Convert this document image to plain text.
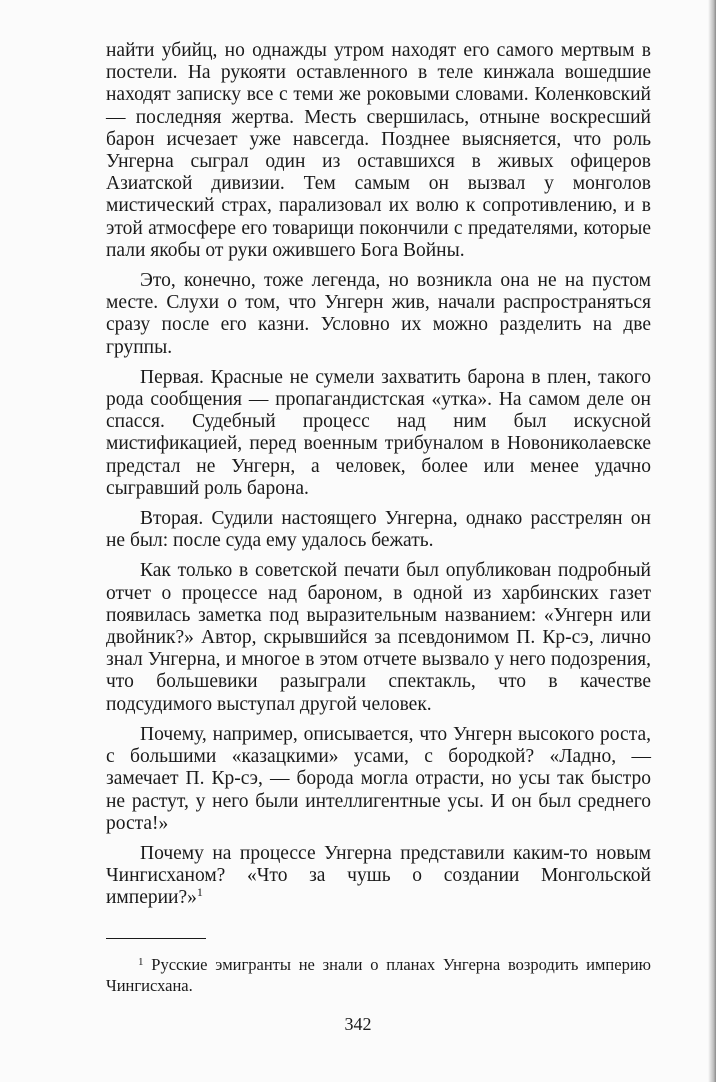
найти убийц, но однажды утром находят его самого мертвым в постели. На рукояти оставленного в теле кинжала вошедшие находят записку все с теми же роковыми словами. Коленковский — последняя жертва. Месть свершилась, отныне воскресший барон исчезает уже навсегда. Позднее выясняется, что роль Унгерна сыграл один из оставшихся в живых офицеров Азиатской дивизии. Тем самым он вызвал у монголов мистический страх, парализовал их волю к сопротивлению, и в этой атмосфере его товарищи покончили с предателями, которые пали якобы от руки ожившего Бога Войны.

Это, конечно, тоже легенда, но возникла она не на пустом месте. Слухи о том, что Унгерн жив, начали распространяться сразу после его казни. Условно их можно разделить на две группы.

Первая. Красные не сумели захватить барона в плен, такого рода сообщения — пропагандистская «утка». На самом деле он спасся. Судебный процесс над ним был искусной мистификацией, перед военным трибуналом в Новониколаевске предстал не Унгерн, а человек, более или менее удачно сыгравший роль барона.

Вторая. Судили настоящего Унгерна, однако расстрелян он не был: после суда ему удалось бежать.

Как только в советской печати был опубликован подробный отчет о процессе над бароном, в одной из харбинских газет появилась заметка под выразительным названием: «Унгерн или двойник?» Автор, скрывшийся за псевдонимом П. Кр-сэ, лично знал Унгерна, и многое в этом отчете вызвало у него подозрения, что большевики разыграли спектакль, что в качестве подсудимого выступал другой человек.

Почему, например, описывается, что Унгерн высокого роста, с большими «казацкими» усами, с бородкой? «Ладно, — замечает П. Кр-сэ, — борода могла отрасти, но усы так быстро не растут, у него были интеллигентные усы. И он был среднего роста!»

Почему на процессе Унгерна представили каким-то новым Чингисханом? «Что за чушь о создании Монгольской империи?»$^1$

$^1$ Русские эмигранты не знали о планах Унгерна возродить империю Чингисхана.
342
